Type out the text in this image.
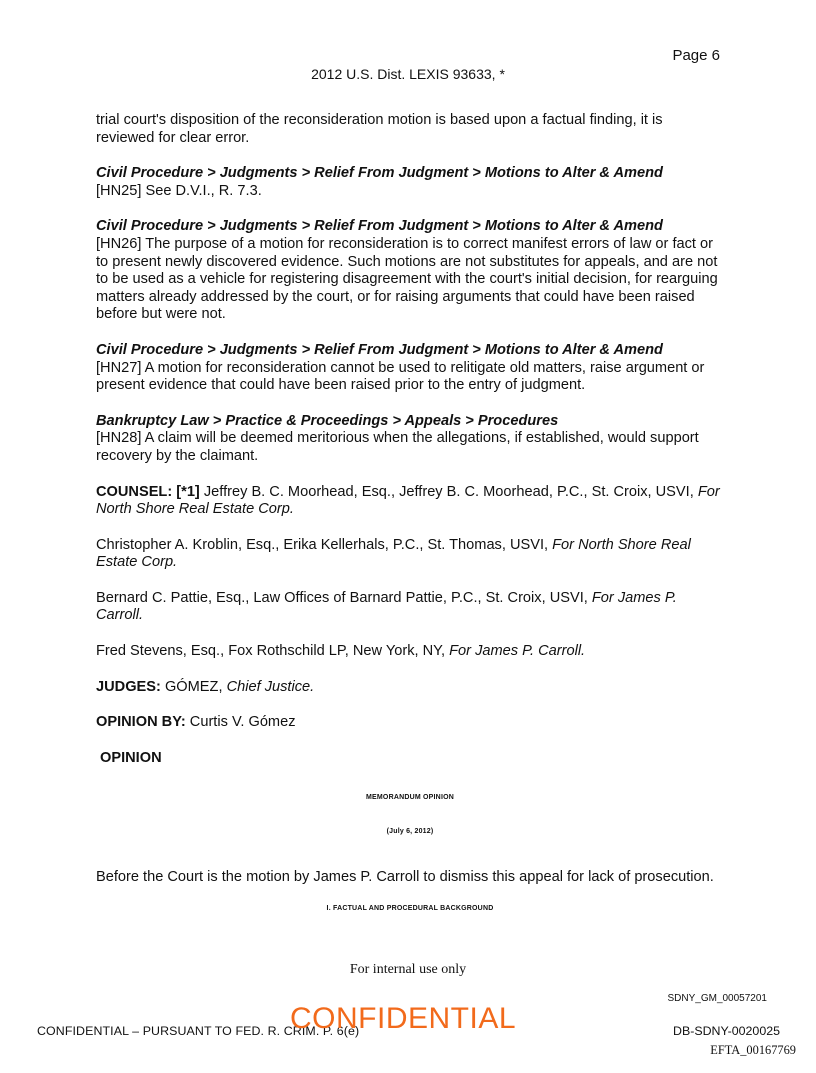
Page 6
2012 U.S. Dist. LEXIS 93633, *

trial court's disposition of the reconsideration motion is based upon a factual finding, it is reviewed for clear error.

Civil Procedure > Judgments > Relief From Judgment > Motions to Alter & Amend
[HN25] See D.V.I., R. 7.3.

Civil Procedure > Judgments > Relief From Judgment > Motions to Alter & Amend
[HN26] The purpose of a motion for reconsideration is to correct manifest errors of law or fact or to present newly discovered evidence. Such motions are not substitutes for appeals, and are not to be used as a vehicle for registering disagreement with the court's initial decision, for rearguing matters already addressed by the court, or for raising arguments that could have been raised before but were not.

Civil Procedure > Judgments > Relief From Judgment > Motions to Alter & Amend
[HN27] A motion for reconsideration cannot be used to relitigate old matters, raise argument or present evidence that could have been raised prior to the entry of judgment.

Bankruptcy Law > Practice & Proceedings > Appeals > Procedures
[HN28] A claim will be deemed meritorious when the allegations, if established, would support recovery by the claimant.

COUNSEL: [*1] Jeffrey B. C. Moorhead, Esq., Jeffrey B. C. Moorhead, P.C., St. Croix, USVI, For North Shore Real Estate Corp.

Christopher A. Kroblin, Esq., Erika Kellerhals, P.C., St. Thomas, USVI, For North Shore Real Estate Corp.

Bernard C. Pattie, Esq., Law Offices of Barnard Pattie, P.C., St. Croix, USVI, For James P. Carroll.

Fred Stevens, Esq., Fox Rothschild LP, New York, NY, For James P. Carroll.

JUDGES: GÓMEZ, Chief Justice.

OPINION BY: Curtis V. Gómez

OPINION

MEMORANDUM OPINION

(July 6, 2012)

Before the Court is the motion by James P. Carroll to dismiss this appeal for lack of prosecution.

I. FACTUAL AND PROCEDURAL BACKGROUND

For internal use only
SDNY_GM_00057201
CONFIDENTIAL – PURSUANT TO FED. R. CRIM. P. 6(e)
CONFIDENTIAL	DB-SDNY-0020025
EFTA_00167769
